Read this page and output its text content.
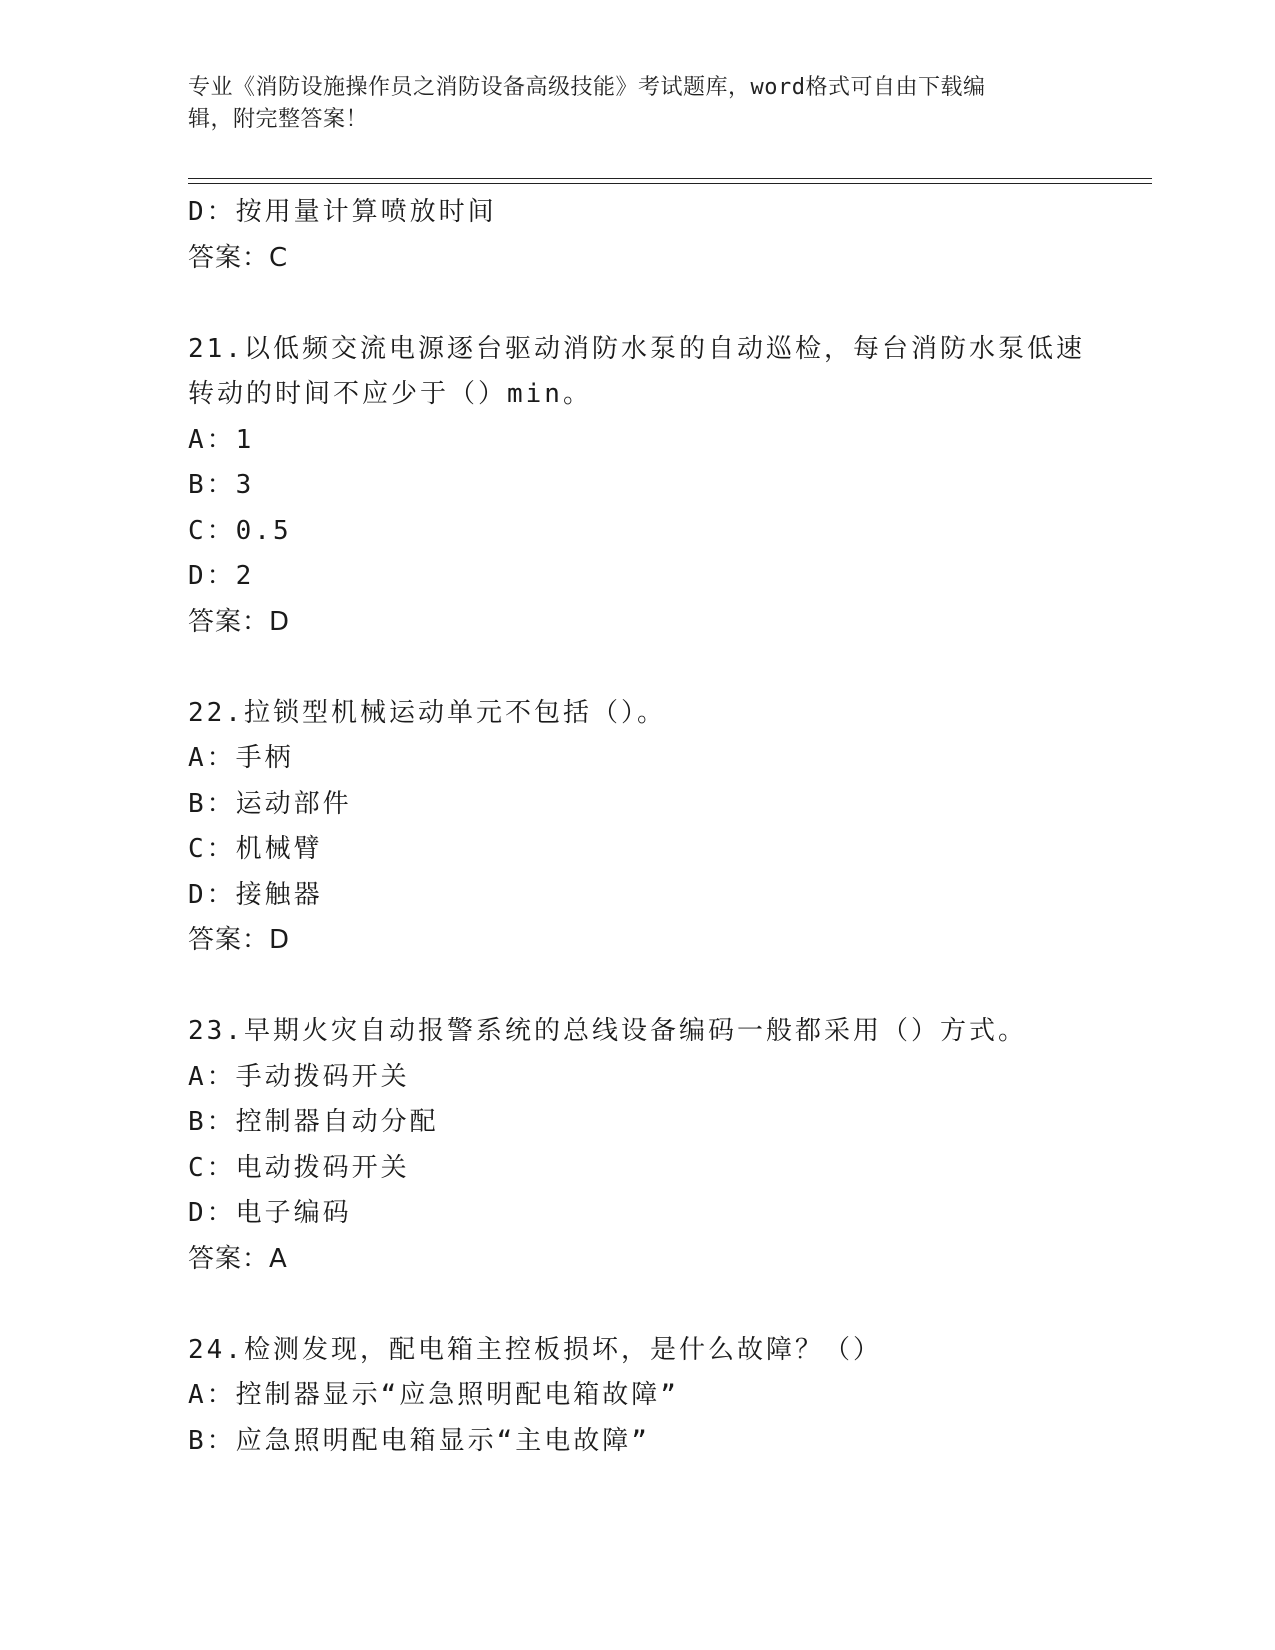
专业《消防设施操作员之消防设备高级技能》考试题库，word格式可自由下载编
辑，附完整答案！
D：按用量计算喷放时间
答案：C
21.以低频交流电源逐台驱动消防水泵的自动巡检，每台消防水泵低速
转动的时间不应少于（）min。
A：1
B：3
C：0.5
D：2
答案：D
22.拉锁型机械运动单元不包括（）。
A：手柄
B：运动部件
C：机械臂
D：接触器
答案：D
23.早期火灾自动报警系统的总线设备编码一般都采用（）方式。
A：手动拨码开关
B：控制器自动分配
C：电动拨码开关
D：电子编码
答案：A
24.检测发现，配电箱主控板损坏，是什么故障？（）
A：控制器显示“应急照明配电箱故障”
B：应急照明配电箱显示“主电故障”
